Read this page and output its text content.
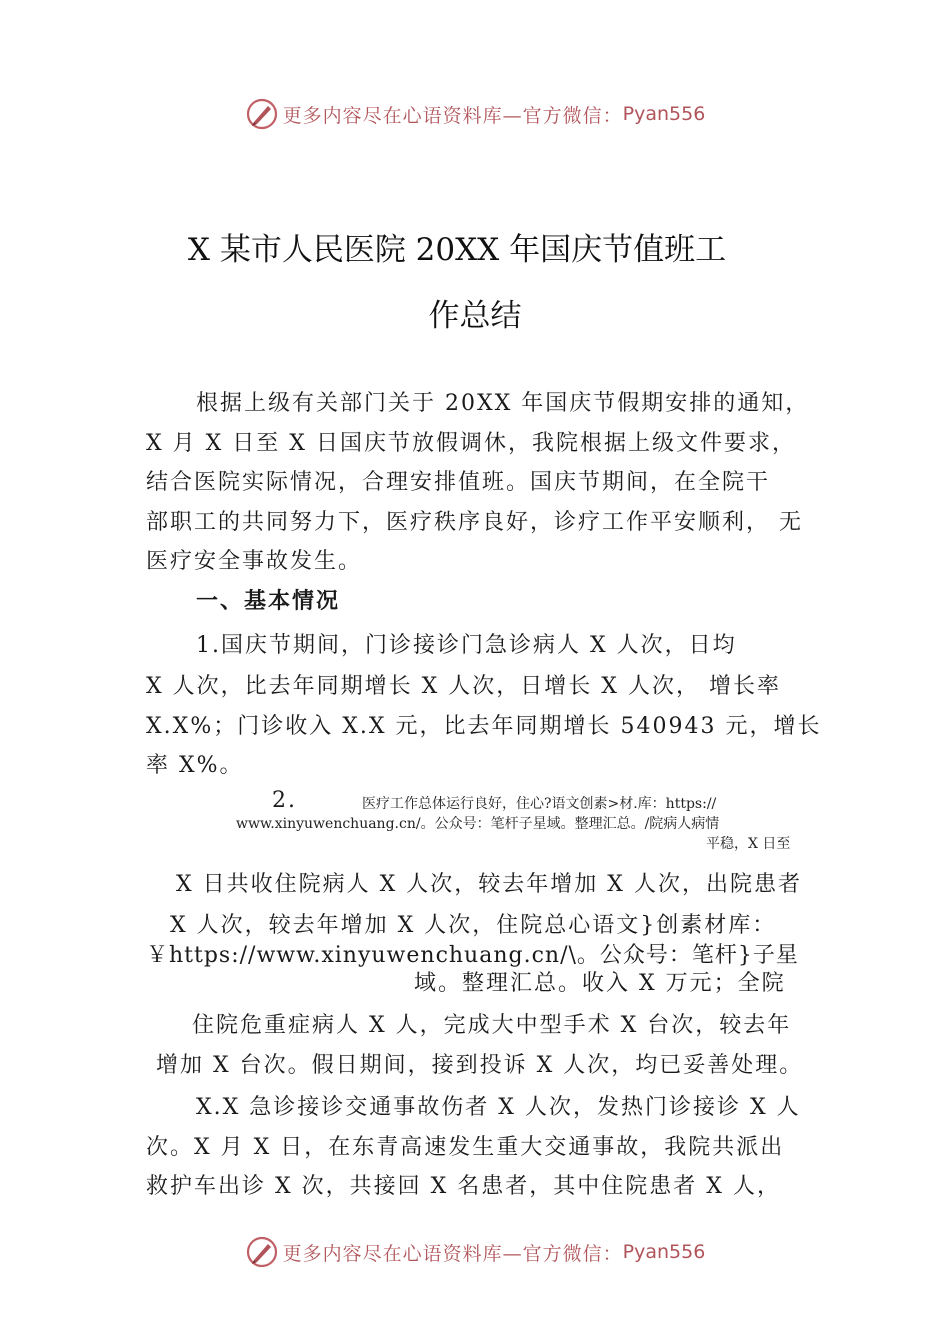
更多内容尽在心语资料库—官方微信： Pyan556
X 某市人民医院 20XX 年国庆节值班工
作总结
根据上级有关部门关于 20XX 年国庆节假期安排的通知，
X 月 X 日至 X 日国庆节放假调休，我院根据上级文件要求，
结合医院实际情况，合理安排值班。国庆节期间，在全院干
部职工的共同努力下，医疗秩序良好，诊疗工作平安顺利， 无
医疗安全事故发生。
一、基本情况
1.国庆节期间，门诊接诊门急诊病人 X 人次，日均
X 人次，比去年同期增长 X 人次，日增长 X 人次， 增长率
X.X%；门诊收入 X.X 元，比去年同期增长 540943 元，增长
率 X%。
2.	医疗工作总体运行良好，住心?语文创素>材.库：https://
www.xinyuwenchuang.cn/。公众号：笔杆子星域。整理汇总。/院病人病情
平稳，X 日至
X 日共收住院病人 X 人次，较去年增加 X 人次，出院患者
X 人次，较去年增加 X 人次，住院总心语文}创素材库：
￥https://www.xinyuwenchuang.cn/\。公众号：笔杆}子星
域。整理汇总。收入 X 万元；全院
住院危重症病人 X 人，完成大中型手术 X 台次，较去年
增加 X 台次。假日期间，接到投诉 X 人次，均已妥善处理。
X.X 急诊接诊交通事故伤者 X 人次，发热门诊接诊 X 人
次。X 月 X 日，在东青高速发生重大交通事故，我院共派出
救护车出诊 X 次，共接回 X 名患者，其中住院患者 X 人，
更多内容尽在心语资料库—官方微信： Pyan556
